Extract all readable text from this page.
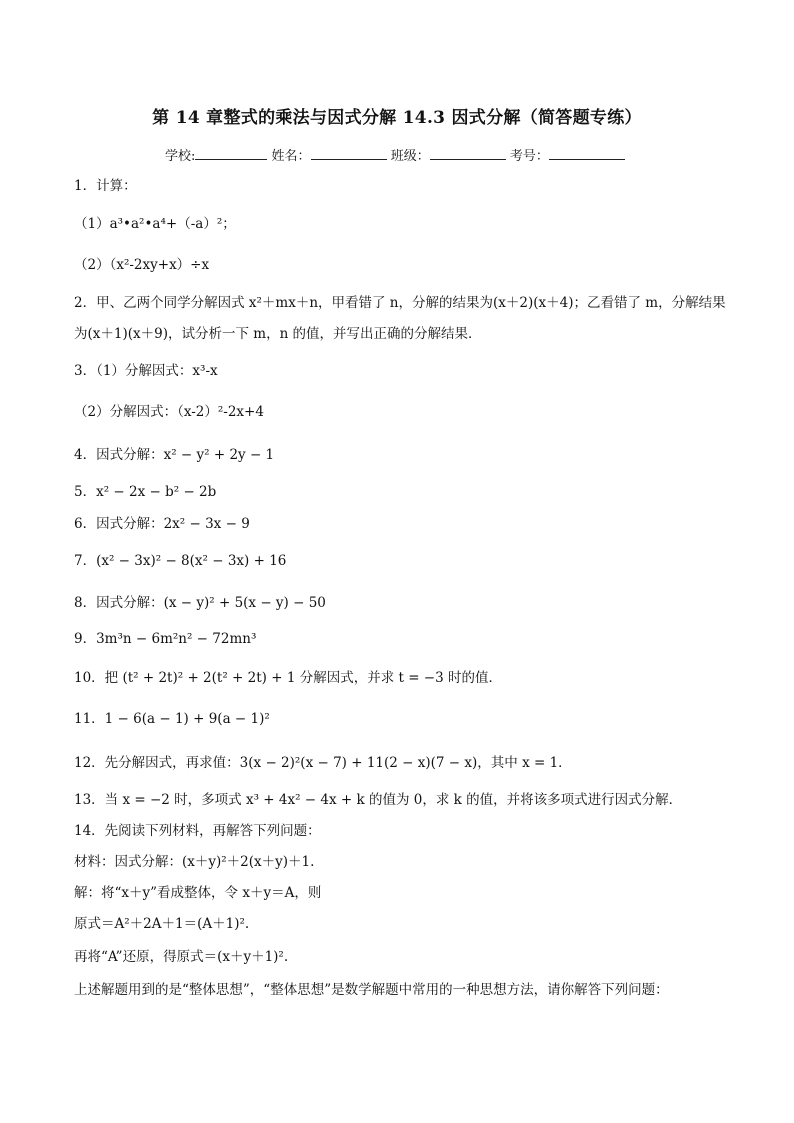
第 14 章整式的乘法与因式分解 14.3 因式分解（简答题专练）
学校:	姓名：	班级：	考号：
1．计算：
（1）a³•a²•a⁴+（-a）²；
（2）（x²-2xy+x）÷x
2．甲、乙两个同学分解因式 x²＋mx＋n，甲看错了 n，分解的结果为(x＋2)(x＋4)；乙看错了 m，分解结果
为(x＋1)(x＋9)，试分析一下 m，n 的值，并写出正确的分解结果．
3．（1）分解因式：x³-x
（2）分解因式：（x-2）²-2x+4
4．因式分解：x² − y² + 2y − 1
5．x² − 2x − b² − 2b
6．因式分解：2x² − 3x − 9
7．(x² − 3x)² − 8(x² − 3x) + 16
8．因式分解：(x − y)² + 5(x − y) − 50
9．3m³n − 6m²n² − 72mn³
10．把 (t² + 2t)² + 2(t² + 2t) + 1 分解因式，并求 t = −3 时的值．
11．1 − 6(a − 1) + 9(a − 1)²
12．先分解因式，再求值：3(x − 2)²(x − 7) + 11(2 − x)(7 − x)，其中 x = 1．
13．当 x = −2 时，多项式 x³ + 4x² − 4x + k 的值为 0，求 k 的值，并将该多项式进行因式分解．
14．先阅读下列材料，再解答下列问题：
材料：因式分解：(x＋y)²＋2(x＋y)＋1.
解：将“x＋y”看成整体，令 x＋y＝A，则
原式＝A²＋2A＋1＝(A＋1)².
再将“A”还原，得原式＝(x＋y＋1)².
上述解题用到的是“整体思想”，“整体思想”是数学解题中常用的一种思想方法，请你解答下列问题：
